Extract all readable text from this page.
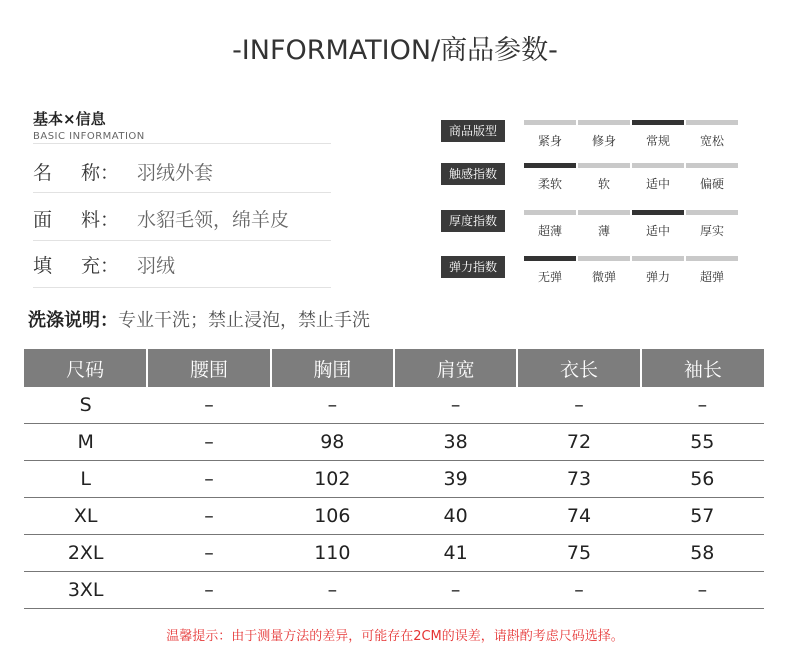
-INFORMATION/商品参数-
基本×信息
BASIC INFORMATION
名 称： 羽绒外套
面 料： 水貂毛领，绵羊皮
填 充： 羽绒
商品版型
紧身	修身	常规	宽松
触感指数
柔软	软	适中	偏硬
厚度指数
超薄	薄	适中	厚实
弹力指数
无弹	微弹	弹力	超弹
洗涤说明：专业干洗；禁止浸泡，禁止手洗
尺码	腰围	胸围	肩宽	衣长	袖长
S	–	–	–	–	–
M	–	98	38	72	55
L	–	102	39	73	56
XL	–	106	40	74	57
2XL	–	110	41	75	58
3XL	–	–	–	–	–
温馨提示：由于测量方法的差异，可能存在2CM的误差，请斟酌考虑尺码选择。
